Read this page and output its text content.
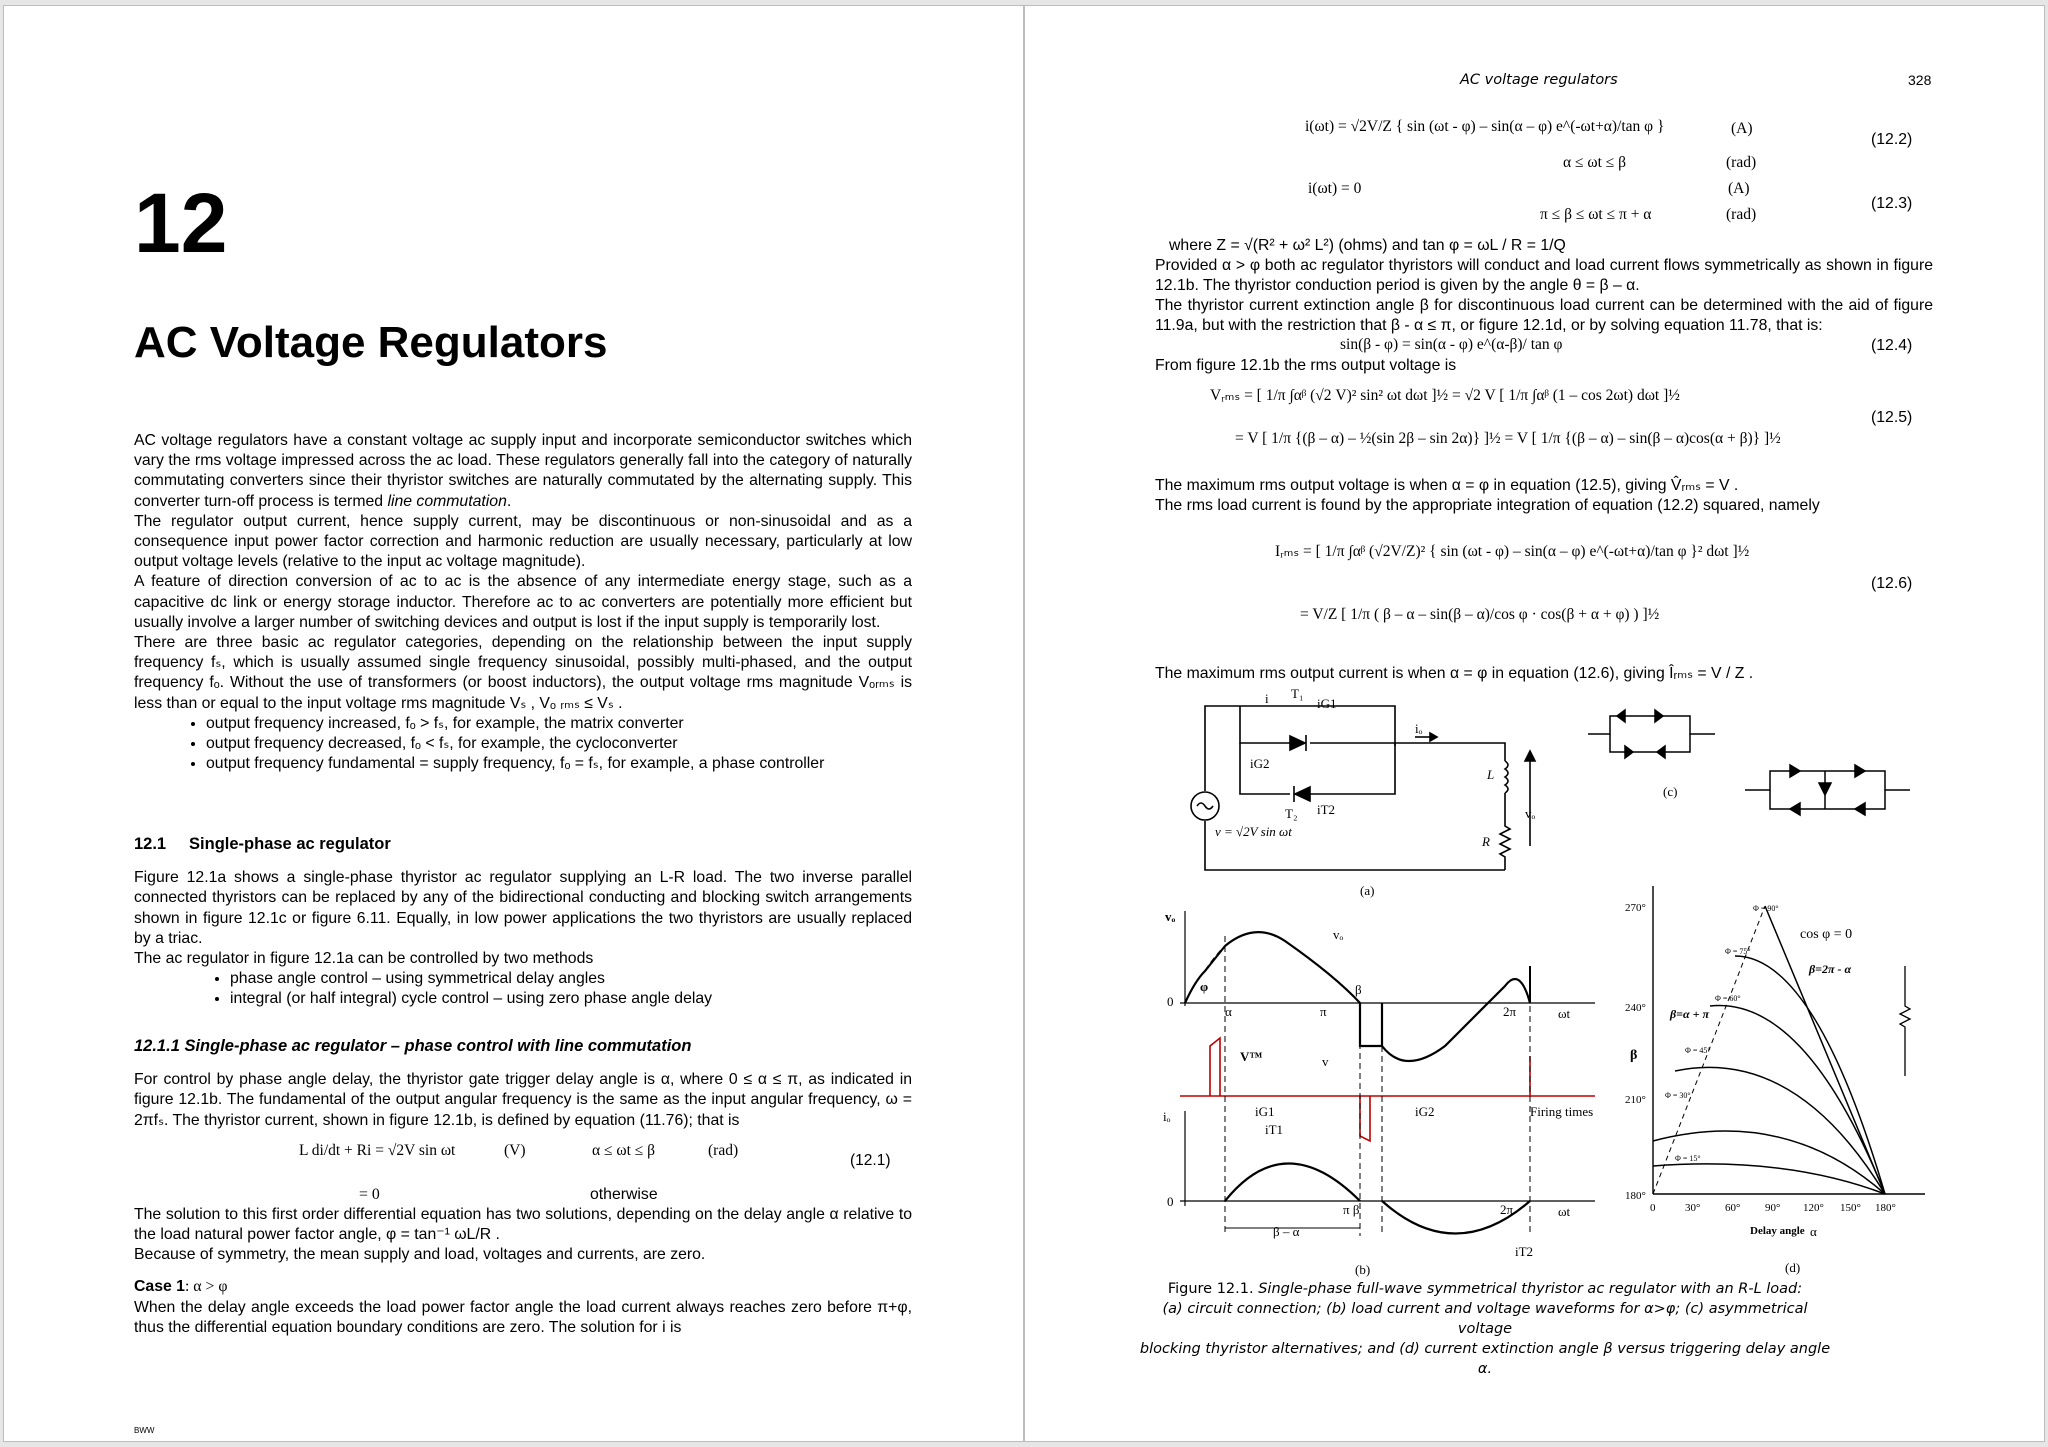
12
AC Voltage Regulators

AC voltage regulators have a constant voltage ac supply input and incorporate semiconductor switches which vary the rms voltage impressed across the ac load. These regulators generally fall into the category of naturally commutating converters since their thyristor switches are naturally commutated by the alternating supply. This converter turn-off process is termed line commutation.

The regulator output current, hence supply current, may be discontinuous or non-sinusoidal and as a consequence input power factor correction and harmonic reduction are usually necessary, particularly at low output voltage levels (relative to the input ac voltage magnitude).

A feature of direction conversion of ac to ac is the absence of any intermediate energy stage, such as a capacitive dc link or energy storage inductor. Therefore ac to ac converters are potentially more efficient but usually involve a larger number of switching devices and output is lost if the input supply is temporarily lost.

There are three basic ac regulator categories, depending on the relationship between the input supply frequency fₛ, which is usually assumed single frequency sinusoidal, possibly multi-phased, and the output frequency fₒ. Without the use of transformers (or boost inductors), the output voltage rms magnitude Vₒᵣₘₛ is less than or equal to the input voltage rms magnitude Vₛ , Vₒ ᵣₘₛ ≤ Vₛ .

• output frequency increased, fₒ > fₛ, for example, the matrix converter
• output frequency decreased, fₒ < fₛ, for example, the cycloconverter
• output frequency fundamental = supply frequency, fₒ = fₛ, for example, a phase controller
12.1 Single-phase ac regulator

Figure 12.1a shows a single-phase thyristor ac regulator supplying an L-R load. The two inverse parallel connected thyristors can be replaced by any of the bidirectional conducting and blocking switch arrangements shown in figure 12.1c or figure 6.11. Equally, in low power applications the two thyristors are usually replaced by a triac.

The ac regulator in figure 12.1a can be controlled by two methods

• phase angle control – using symmetrical delay angles
• integral (or half integral) cycle control – using zero phase angle delay
12.1.1 Single-phase ac regulator – phase control with line commutation

For control by phase angle delay, the thyristor gate trigger delay angle is α, where 0 ≤ α ≤ π, as indicated in figure 12.1b. The fundamental of the output angular frequency is the same as the input angular frequency, ω = 2πfₛ. The thyristor current, shown in figure 12.1b, is defined by equation (11.76); that is

L di/dt + Ri = √2V sin ωt	(V)	α ≤ ωt ≤ β	(rad)
(12.1)
= 0	otherwise

The solution to this first order differential equation has two solutions, depending on the delay angle α relative to the load natural power factor angle, φ = tan⁻¹ ωL/R .

Because of symmetry, the mean supply and load, voltages and currents, are zero.

Case 1: α > φ

When the delay angle exceeds the load power factor angle the load current always reaches zero before π+φ, thus the differential equation boundary conditions are zero. The solution for i is

BWW
AC voltage regulators	328
i(ωt) = √2V/Z { sin (ωt - φ) – sin(α – φ) e^(-ωt+α)/tan φ }	(A)
α ≤ ωt ≤ β	(rad)
(12.2)
i(ωt) = 0	(A)
π ≤ β ≤ ωt ≤ π + α	(rad)
(12.3)
where Z = √(R² + ω² L²) (ohms) and tan φ = ωL / R = 1/Q
Provided α > φ both ac regulator thyristors will conduct and load current flows symmetrically as shown in figure 12.1b. The thyristor conduction period is given by the angle θ = β – α.
The thyristor current extinction angle β for discontinuous load current can be determined with the aid of figure 11.9a, but with the restriction that β - α ≤ π, or figure 12.1d, or by solving equation 11.78, that is:
sin(β - φ) = sin(α - φ) e^(α-β)/ tan φ	(12.4)
From figure 12.1b the rms output voltage is
Vᵣₘₛ = [ 1/π ∫αᵝ (√2 V)² sin² ωt dωt ]½ = √2 V [ 1/π ∫αᵝ (1 – cos 2ωt) dωt ]½
= V [ 1/π {(β – α) – ½(sin 2β – sin 2α)} ]½ = V [ 1/π {(β – α) – sin(β – α)cos(α + β)} ]½
(12.5)
The maximum rms output voltage is when α = φ in equation (12.5), giving V̂ᵣₘₛ = V .
The rms load current is found by the appropriate integration of equation (12.2) squared, namely
Iᵣₘₛ = [ 1/π ∫αᵝ (√2V/Z)² { sin (ωt - φ) – sin(α – φ) e^(-ωt+α)/tan φ }² dωt ]½
= V/Z [ 1/π ( β – α – sin(β – α)/cos φ · cos(β + α + φ) ) ]½
(12.6)
The maximum rms output current is when α = φ in equation (12.6), giving Îᵣₘₛ = V / Z .
i T₁
iG1
iₒ
iG2
T₂ iT2
L
R
vₒ
v = √2V sin ωt
(a)
(c)
vₒ
vₒ
φ
α	π
β
2π	ωt
0
V™	v
iG1	iG2	Firing times
iₒ
iT1
iT2
β – α
π β	2π	ωt
0
(b)
270°
240°
210°
180°
0	30° 60° 90° 120° 150° 180°
Delay angle α
β
cos φ = 0
β=2π - α
β=α + π
Φ = 90°
Φ = 75°
Φ = 60°
Φ = 45°
Φ = 30°
Φ = 15°
(d)
Figure 12.1. Single-phase full-wave symmetrical thyristor ac regulator with an R-L load:
(a) circuit connection; (b) load current and voltage waveforms for α>φ; (c) asymmetrical voltage
blocking thyristor alternatives; and (d) current extinction angle β versus triggering delay angle α.
